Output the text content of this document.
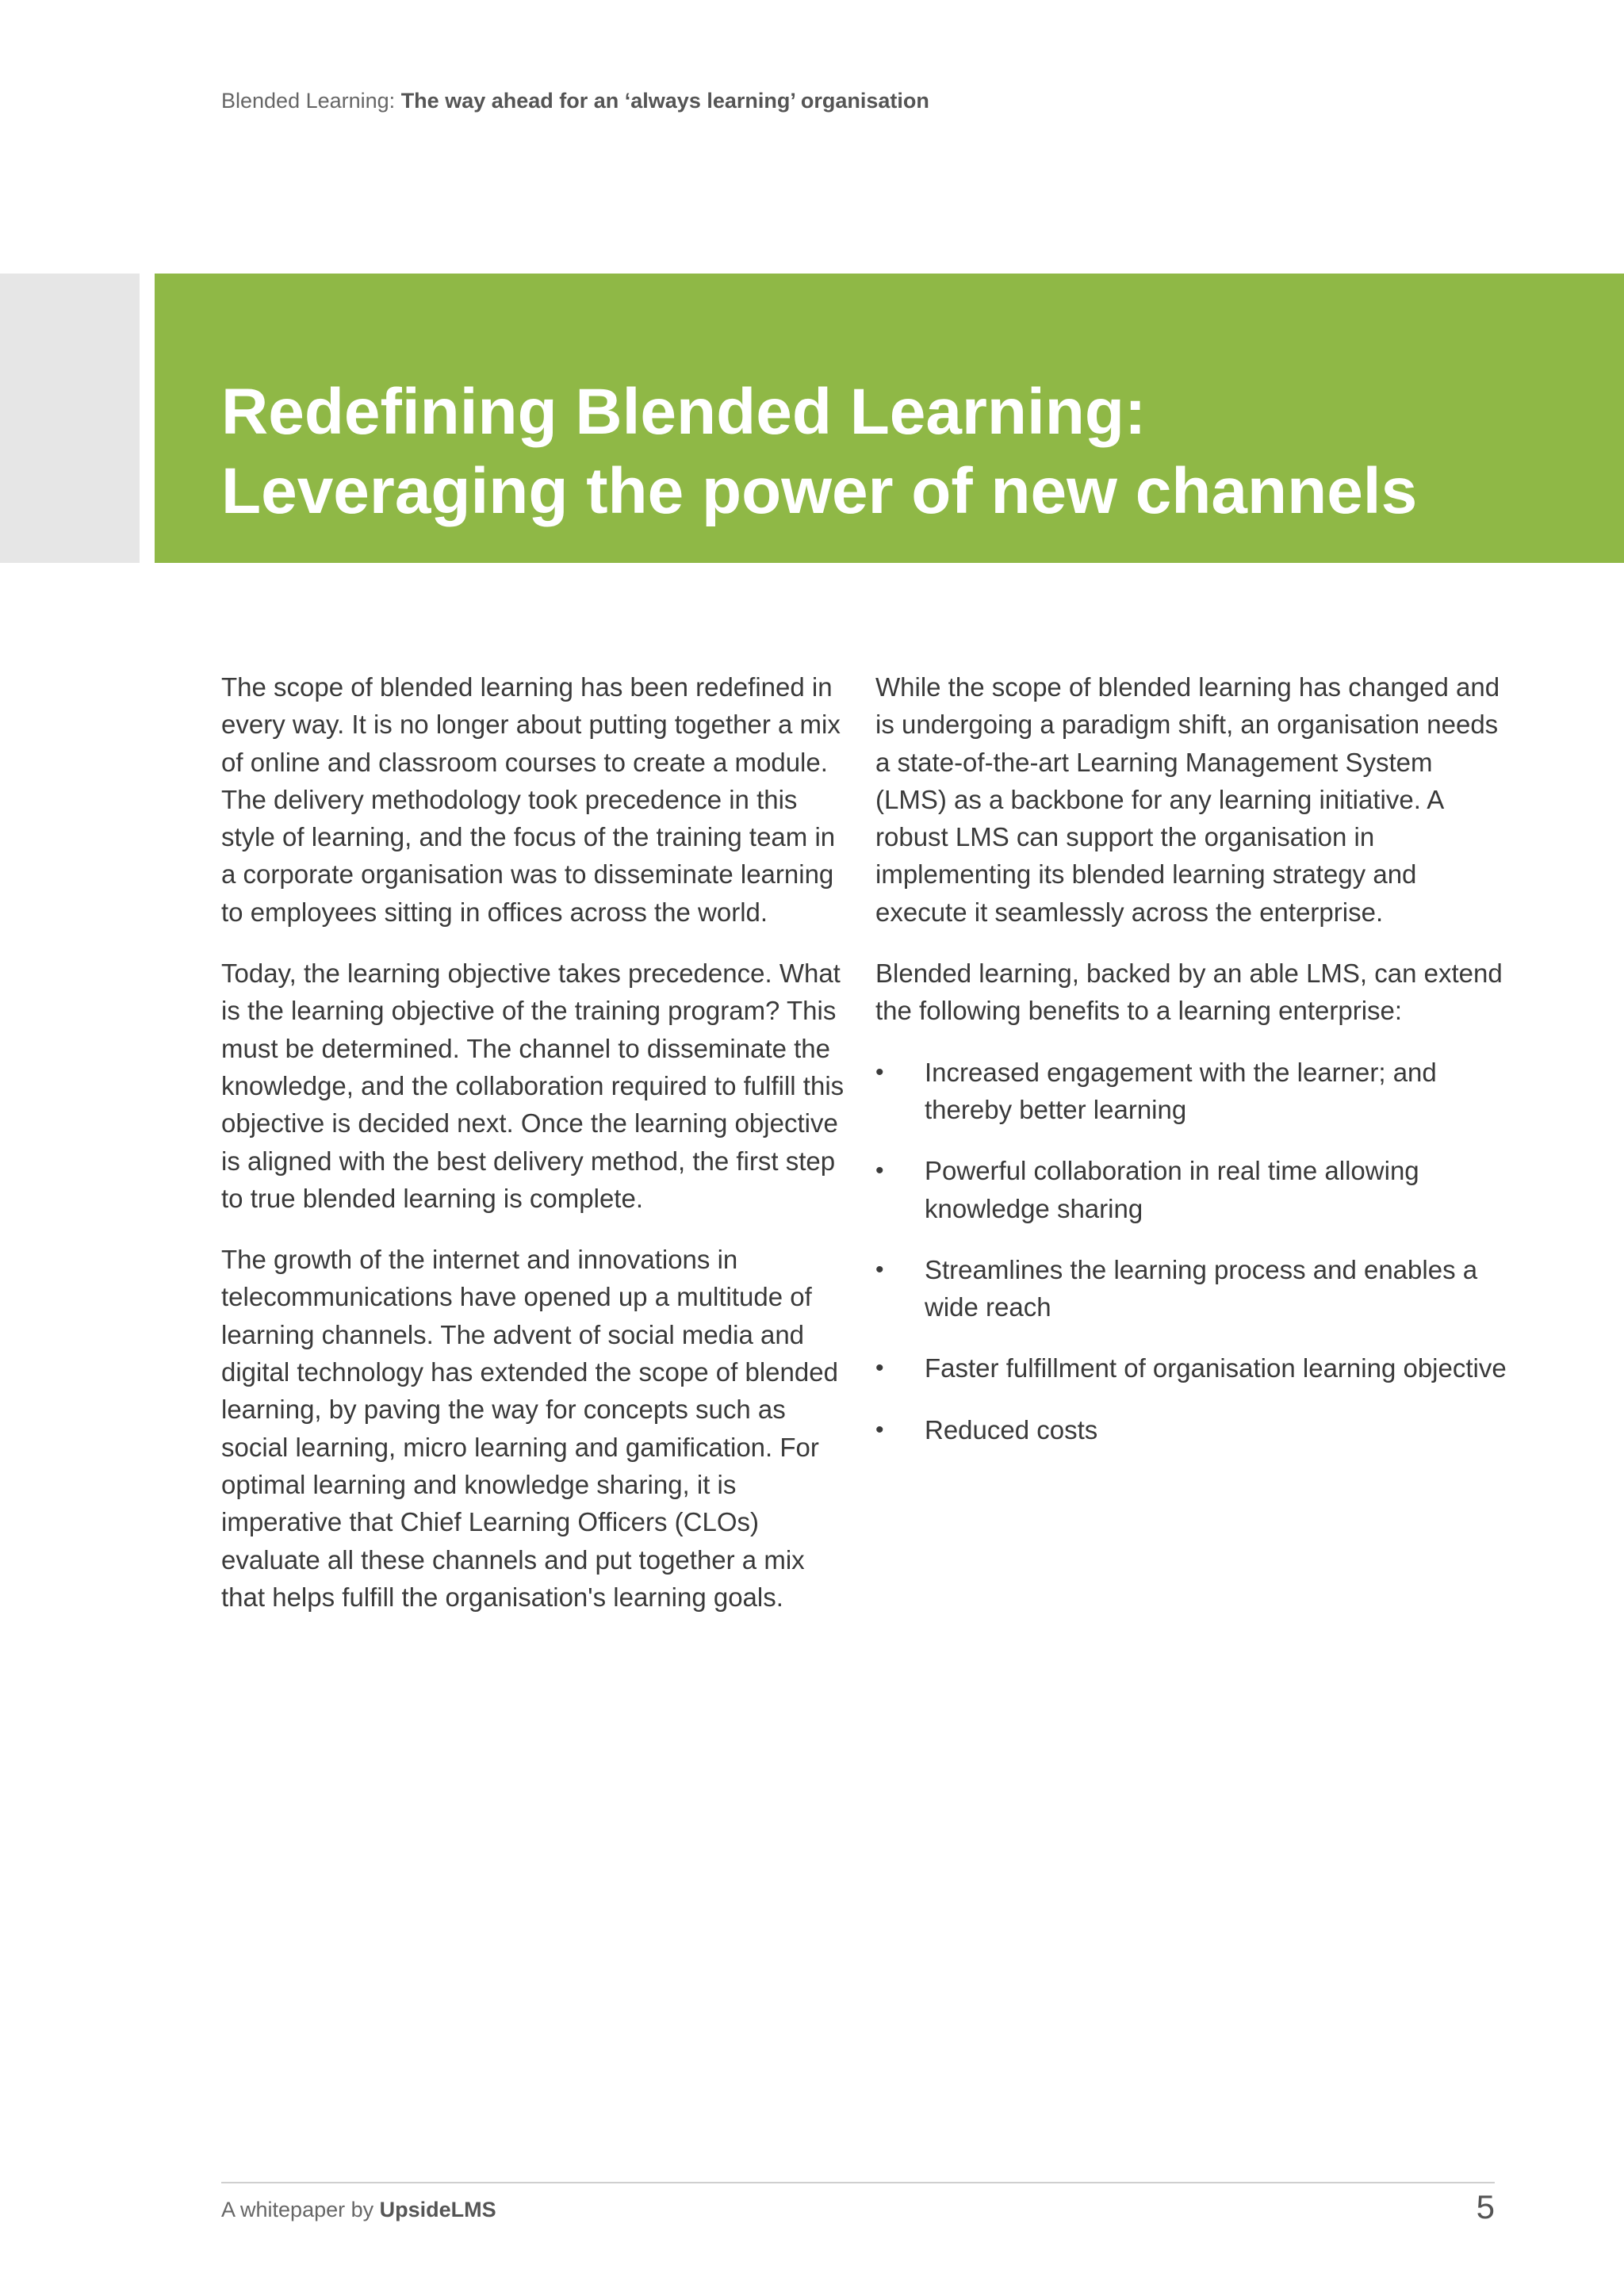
Blended Learning: The way ahead for an ‘always learning’ organisation
Redefining Blended Learning:
Leveraging the power of new channels

The scope of blended learning has been redefined in every way. It is no longer about putting together a mix of online and classroom courses to create a module. The delivery methodology took precedence in this style of learning, and the focus of the training team in a corporate organisation was to disseminate learning to employees sitting in offices across the world.

Today, the learning objective takes precedence. What is the learning objective of the training program? This must be determined. The channel to disseminate the knowledge, and the collaboration required to fulfill this objective is decided next. Once the learning objective is aligned with the best delivery method, the first step to true blended learning is complete.

The growth of the internet and innovations in telecommunications have opened up a multitude of learning channels. The advent of social media and digital technology has extended the scope of blended learning, by paving the way for concepts such as social learning, micro learning and gamification. For optimal learning and knowledge sharing, it is imperative that Chief Learning Officers (CLOs) evaluate all these channels and put together a mix that helps fulfill the organisation's learning goals.

While the scope of blended learning has changed and is undergoing a paradigm shift, an organisation needs a state-of-the-art Learning Management System (LMS) as a backbone for any learning initiative. A robust LMS can support the organisation in implementing its blended learning strategy and execute it seamlessly across the enterprise.

Blended learning, backed by an able LMS, can extend the following benefits to a learning enterprise:

• Increased engagement with the learner; and thereby better learning
• Powerful collaboration in real time allowing knowledge sharing
• Streamlines the learning process and enables a wide reach
• Faster fulfillment of organisation learning objective
• Reduced costs
A whitepaper by UpsideLMS	5
